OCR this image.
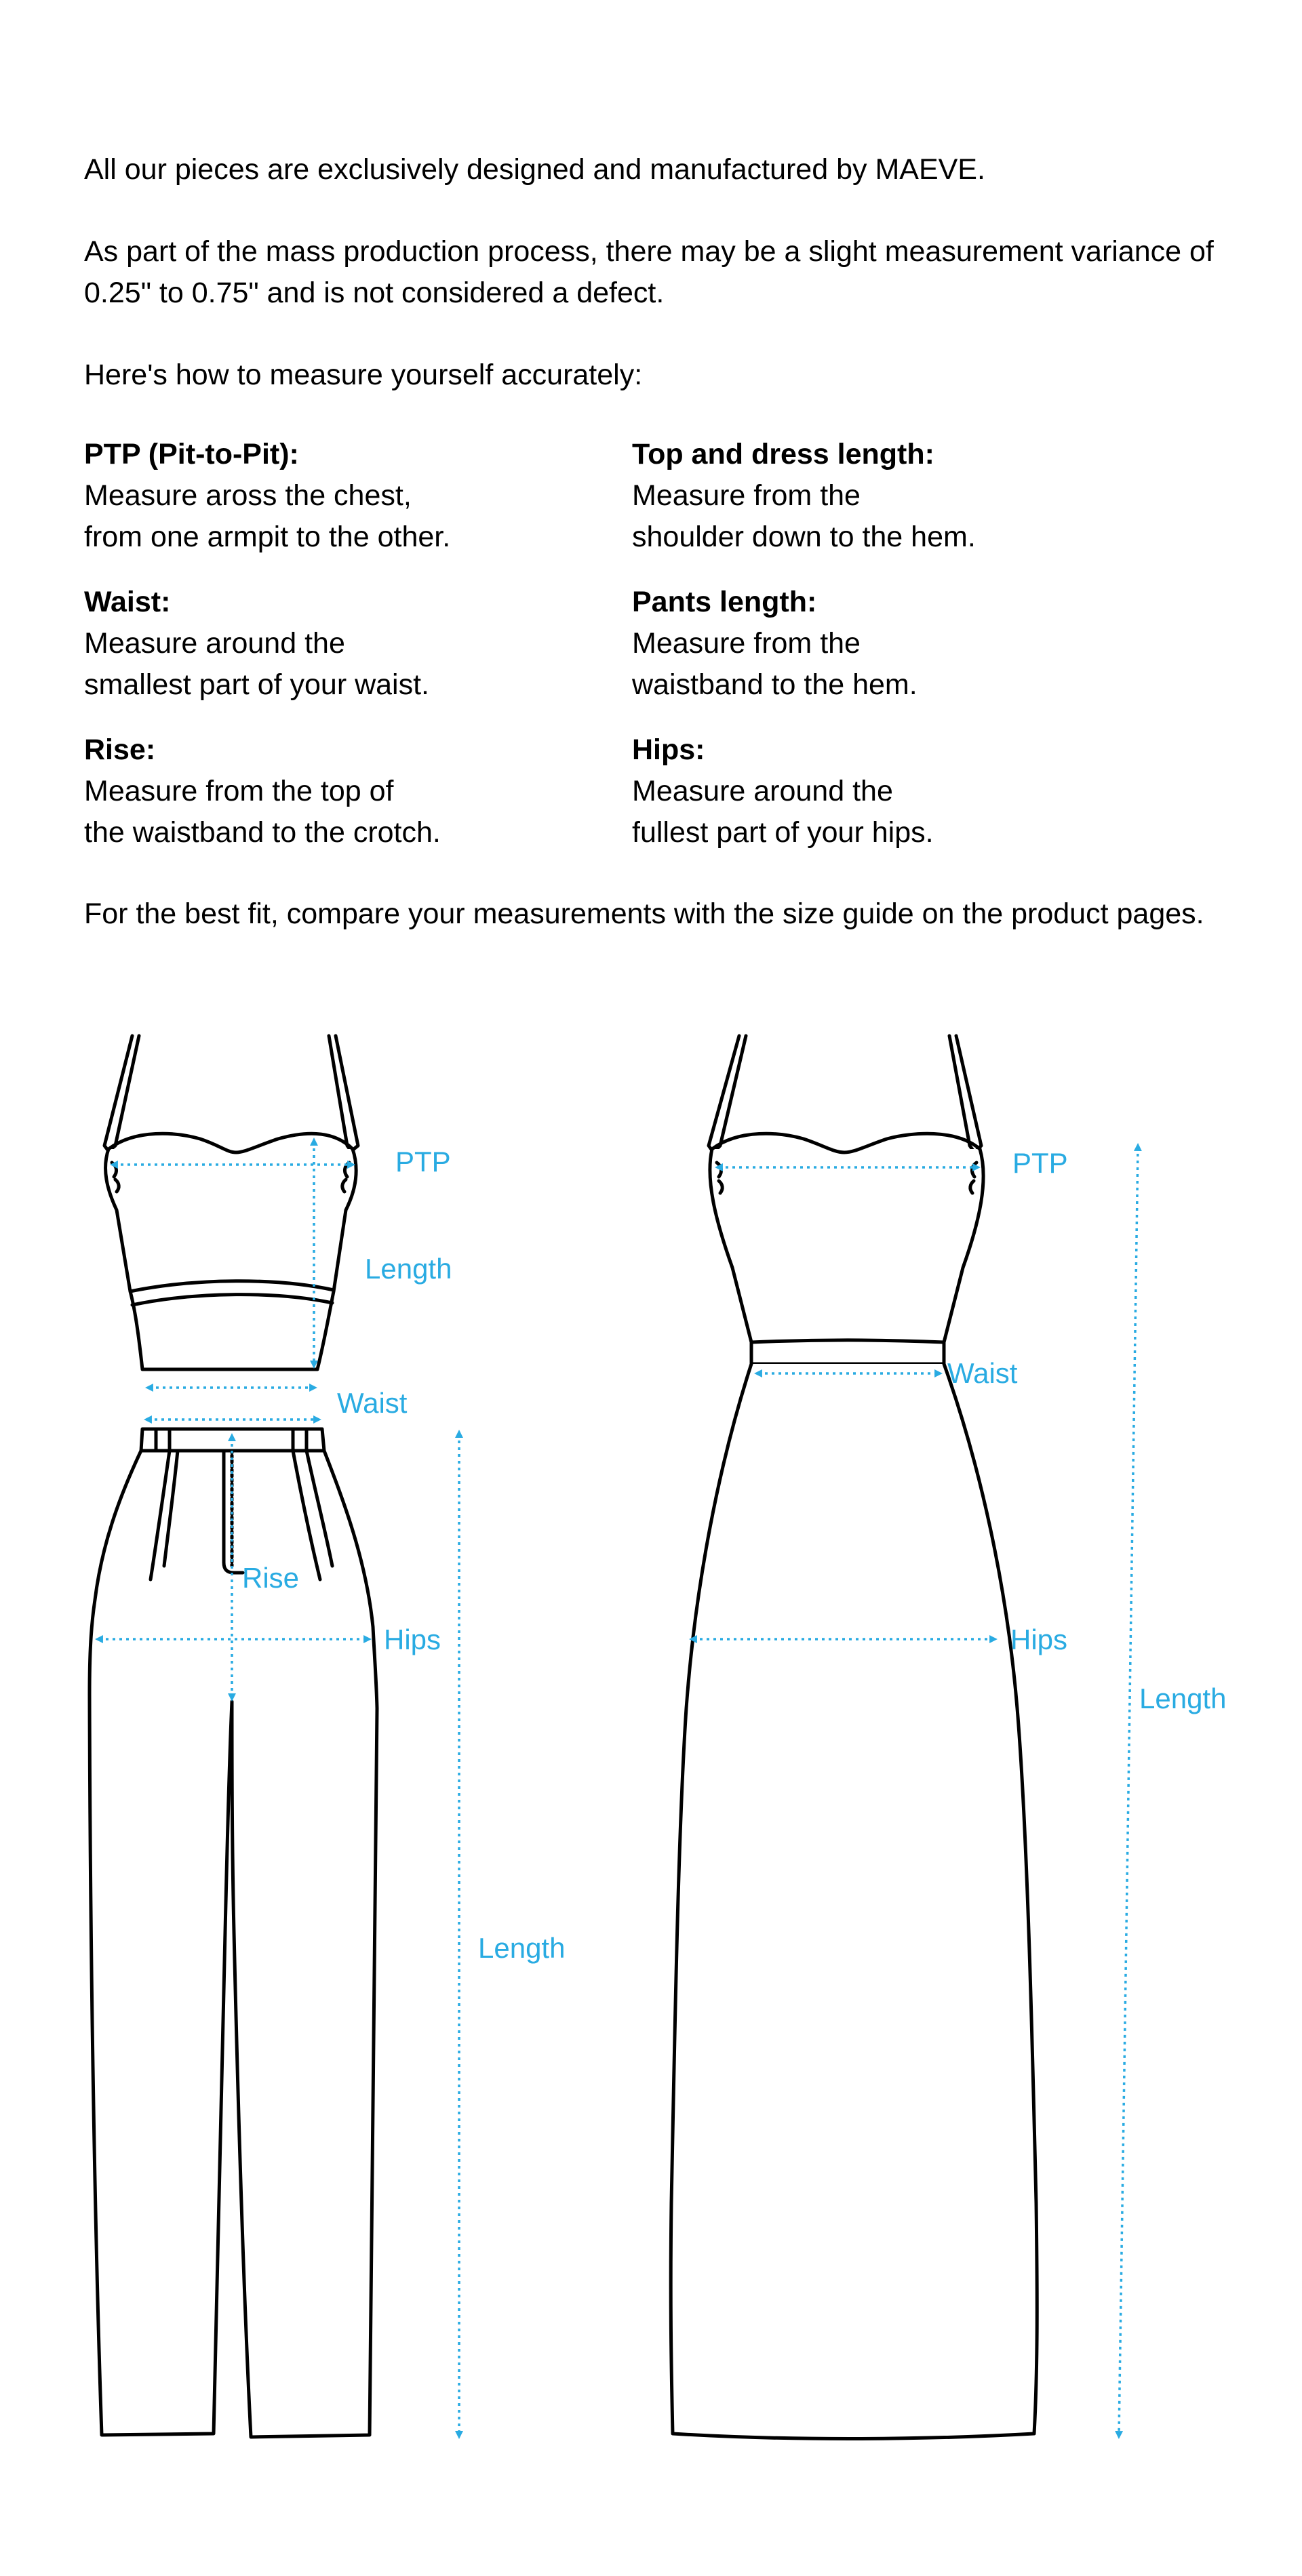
All our pieces are exclusively designed and manufactured by MAEVE.

As part of the mass production process, there may be a slight measurement variance of 0.25" to 0.75" and is not considered a defect.

Here's how to measure yourself accurately:

PTP (Pit-to-Pit):
Measure aross the chest,
from one armpit to the other.
Waist:
Measure around the
smallest part of your waist.
Rise:
Measure from the top of
the waistband to the crotch.
Top and dress length:
Measure from the
shoulder down to the hem.
Pants length:
Measure from the
waistband to the hem.
Hips:
Measure around the
fullest part of your hips.

For the best fit, compare your measurements with the size guide on the product pages.

PTP
Length
Waist
Rise
Hips
Length
PTP
Waist
Hips
Length
